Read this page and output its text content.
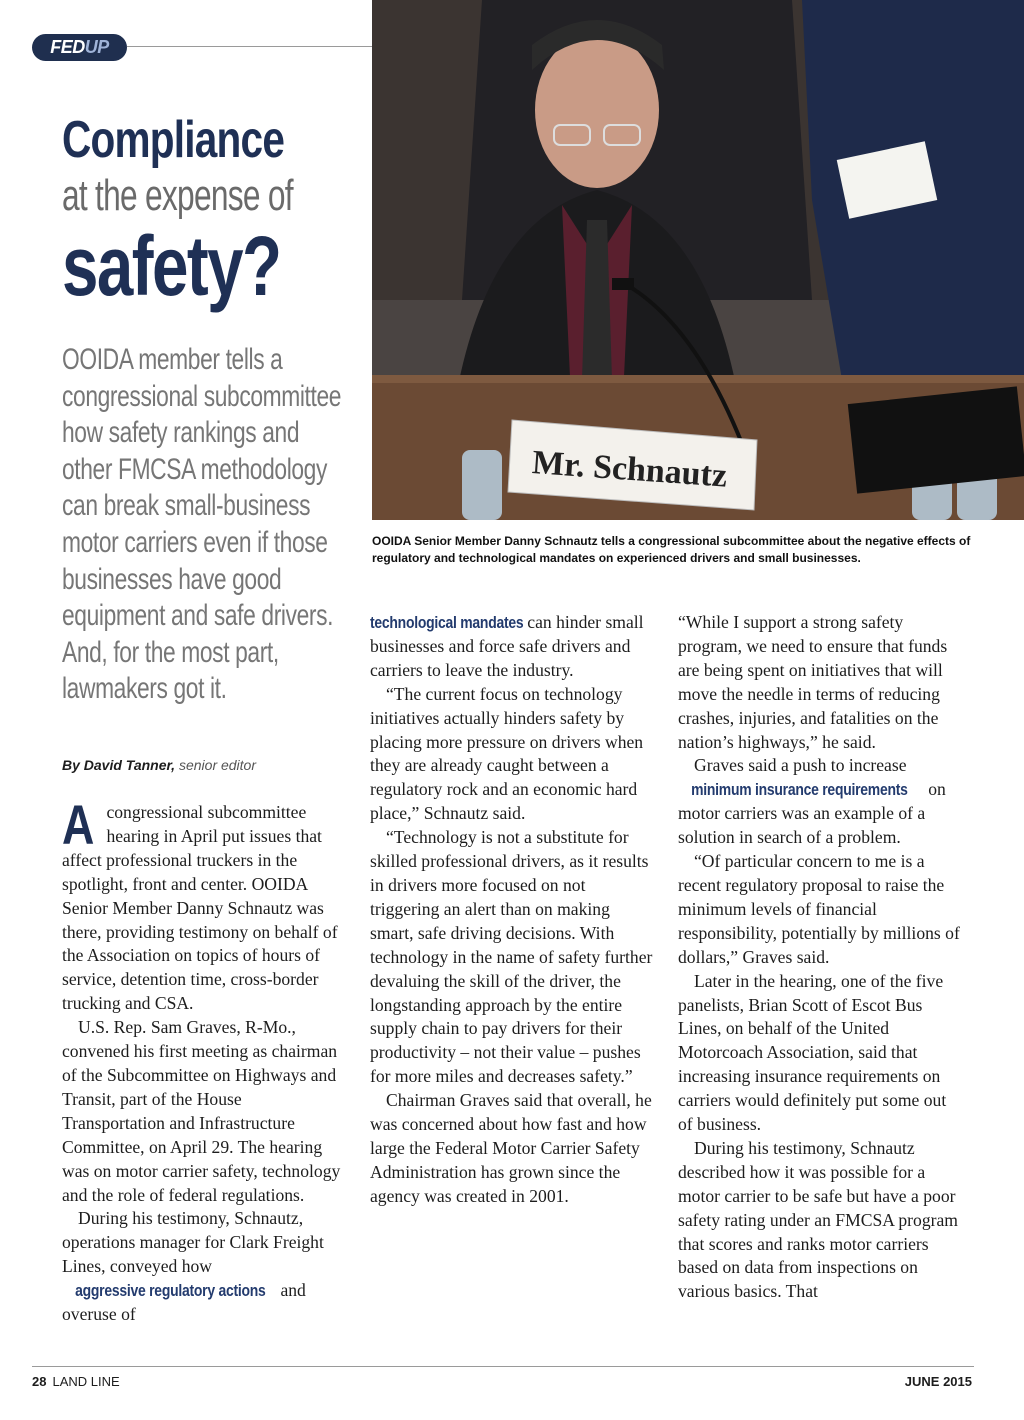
FEDUP
Compliance
at the expense of
safety?
OOIDA member tells a
congressional subcommittee
how safety rankings and
other FMCSA methodology
can break small-business
motor carriers even if those
businesses have good
equipment and safe drivers.
And, for the most part,
lawmakers got it.
By David Tanner, senior editor
Mr. Schnautz
OOIDA Senior Member Danny Schnautz tells a congressional subcommittee about the negative effects of regulatory and technological mandates on experienced drivers and small businesses.

Acongressional subcommittee hearing in April put issues that affect professional truckers in the spotlight, front and center. OOIDA Senior Member Danny Schnautz was there, providing testimony on behalf of the Association on topics of hours of service, detention time, cross-border trucking and CSA.

U.S. Rep. Sam Graves, R-Mo., convened his first meeting as chairman of the Subcommittee on Highways and Transit, part of the House Transportation and Infrastructure Committee, on April 29. The hearing was on motor carrier safety, technology and the role of federal regulations.

During his testimony, Schnautz, operations manager for Clark Freight Lines, conveyed how aggressive regulatory actions and overuse of

technological mandates can hinder small businesses and force safe drivers and carriers to leave the industry.

“The current focus on technology initiatives actually hinders safety by placing more pressure on drivers when they are already caught between a regulatory rock and an economic hard place,” Schnautz said.

“Technology is not a substitute for skilled professional drivers, as it results in drivers more focused on not triggering an alert than on making smart, safe driving decisions. With technology in the name of safety further devaluing the skill of the driver, the longstanding approach by the entire supply chain to pay drivers for their productivity – not their value – pushes for more miles and decreases safety.”

Chairman Graves said that overall, he was concerned about how fast and how large the Federal Motor Carrier Safety Administration has grown since the agency was created in 2001.

“While I support a strong safety program, we need to ensure that funds are being spent on initiatives that will move the needle in terms of reducing crashes, injuries, and fatalities on the nation’s highways,” he said.

Graves said a push to increase minimum insurance requirements on motor carriers was an example of a solution in search of a problem.

“Of particular concern to me is a recent regulatory proposal to raise the minimum levels of financial responsibility, potentially by millions of dollars,” Graves said.

Later in the hearing, one of the five panelists, Brian Scott of Escot Bus Lines, on behalf of the United Motorcoach Association, said that increasing insurance requirements on carriers would definitely put some out of business.

During his testimony, Schnautz described how it was possible for a motor carrier to be safe but have a poor safety rating under an FMCSA program that scores and ranks motor carriers based on data from inspections on various basics. That

28 LAND LINE	JUNE 2015
